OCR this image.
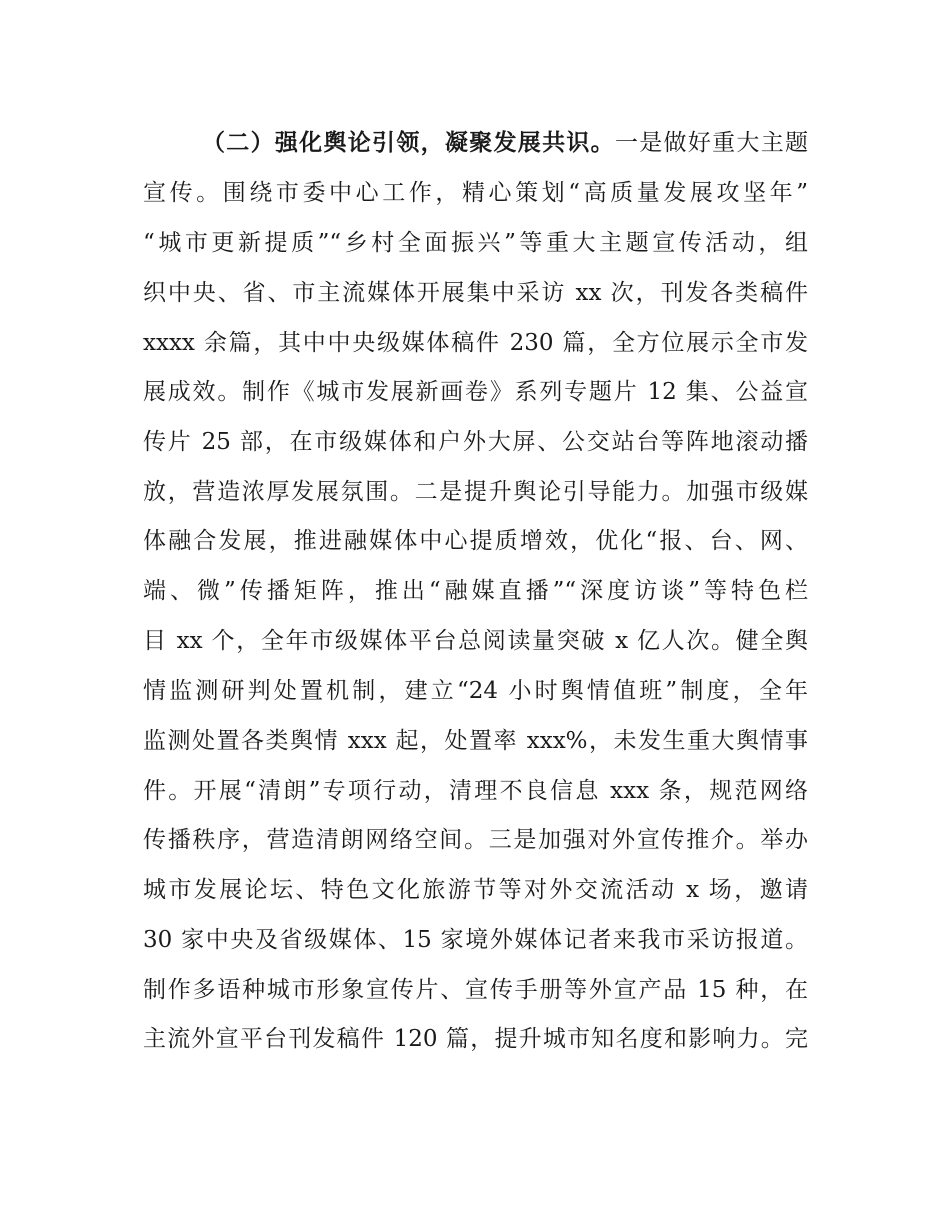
（二）强化舆论引领，凝聚发展共识。一是做好重大主题
宣传。围绕市委中心工作，精心策划“高质量发展攻坚年”
“城市更新提质”“乡村全面振兴”等重大主题宣传活动，组
织中央、省、市主流媒体开展集中采访 xx 次，刊发各类稿件
xxxx 余篇，其中中央级媒体稿件 230 篇，全方位展示全市发
展成效。制作《城市发展新画卷》系列专题片 12 集、公益宣
传片 25 部，在市级媒体和户外大屏、公交站台等阵地滚动播
放，营造浓厚发展氛围。二是提升舆论引导能力。加强市级媒
体融合发展，推进融媒体中心提质增效，优化“报、台、网、
端、微”传播矩阵，推出“融媒直播”“深度访谈”等特色栏
目 xx 个，全年市级媒体平台总阅读量突破 x 亿人次。健全舆
情监测研判处置机制，建立“24 小时舆情值班”制度，全年
监测处置各类舆情 xxx 起，处置率 xxx%，未发生重大舆情事
件。开展“清朗”专项行动，清理不良信息 xxx 条，规范网络
传播秩序，营造清朗网络空间。三是加强对外宣传推介。举办
城市发展论坛、特色文化旅游节等对外交流活动 x 场，邀请
30 家中央及省级媒体、15 家境外媒体记者来我市采访报道。
制作多语种城市形象宣传片、宣传手册等外宣产品 15 种，在
主流外宣平台刊发稿件 120 篇，提升城市知名度和影响力。完
